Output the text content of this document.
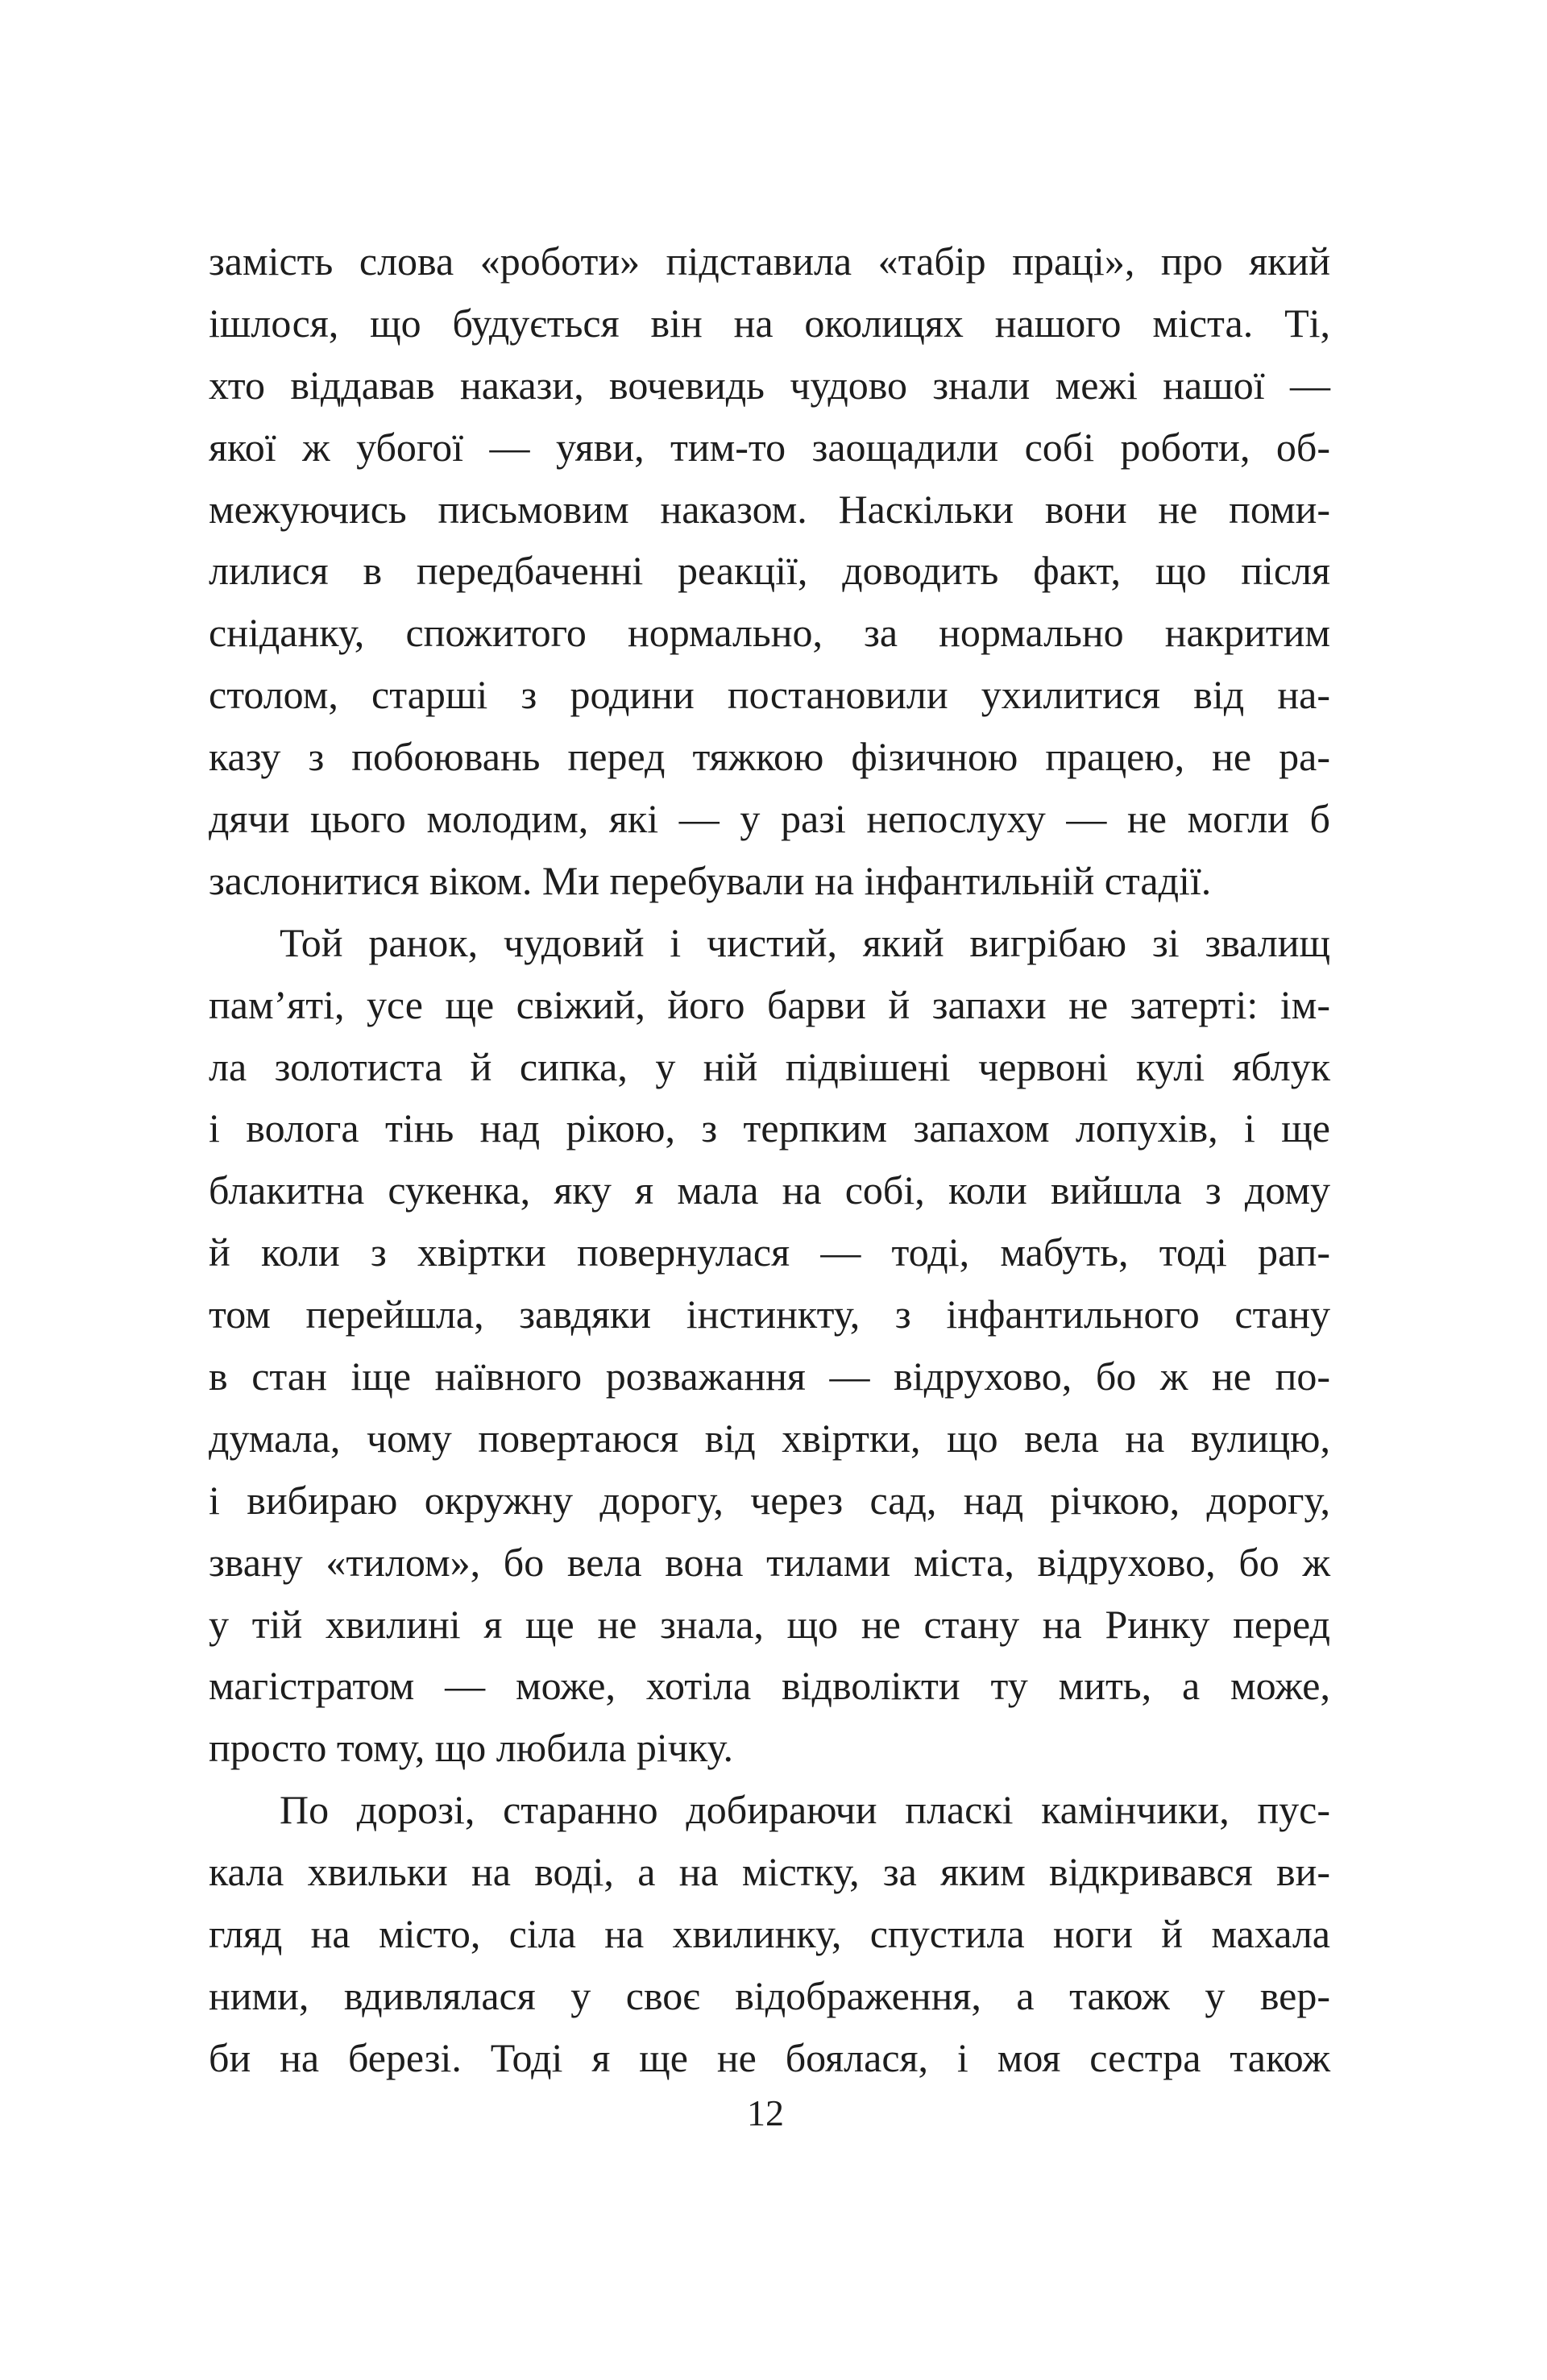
замість слова «роботи» підставила «табір праці», про який
ішлося, що будується він на околицях нашого міста. Ті,
хто віддавав накази, вочевидь чудово знали межі нашої —
якої ж убогої — уяви, тим-то заощадили собі роботи, об-
межуючись письмовим наказом. Наскільки вони не поми-
лилися в передбаченні реакції, доводить факт, що після
сніданку, спожитого нормально, за нормально накритим
столом, старші з родини постановили ухилитися від на-
казу з побоювань перед тяжкою фізичною працею, не ра-
дячи цього молодим, які — у разі непослуху — не могли б
заслонитися віком. Ми перебували на інфантильній стадії.
Той ранок, чудовий і чистий, який вигрібаю зі звалищ
пам’яті, усе ще свіжий, його барви й запахи не затерті: ім-
ла золотиста й сипка, у ній підвішені червоні кулі яблук
і волога тінь над рікою, з терпким запахом лопухів, і ще
блакитна сукенка, яку я мала на собі, коли вийшла з дому
й коли з хвіртки повернулася — тоді, мабуть, тоді рап-
том перейшла, завдяки інстинкту, з інфантильного стану
в стан іще наївного розважання — відрухово, бо ж не по-
думала, чому повертаюся від хвіртки, що вела на вулицю,
і вибираю окружну дорогу, через сад, над річкою, дорогу,
звану «тилом», бо вела вона тилами міста, відрухово, бо ж
у тій хвилині я ще не знала, що не стану на Ринку перед
магістратом — може, хотіла відволікти ту мить, а може,
просто тому, що любила річку.
По дорозі, старанно добираючи пласкі камінчики, пус-
кала хвильки на воді, а на містку, за яким відкривався ви-
гляд на місто, сіла на хвилинку, спустила ноги й махала
ними, вдивлялася у своє відображення, а також у вер-
би на березі. Тоді я ще не боялася, і моя сестра також
12
